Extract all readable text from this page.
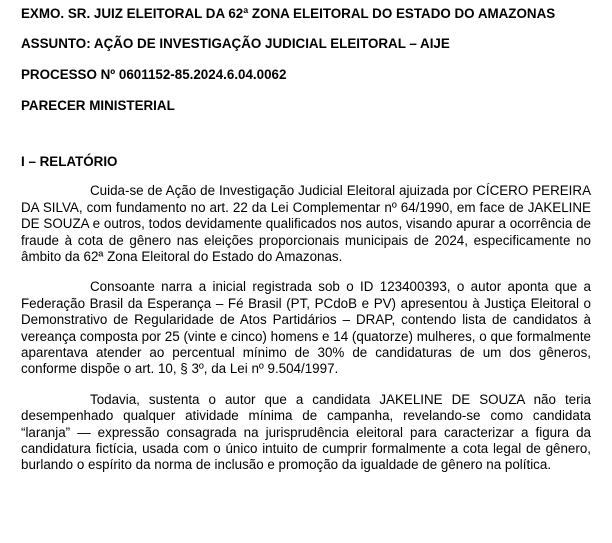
EXMO. SR. JUIZ ELEITORAL DA 62ª ZONA ELEITORAL DO ESTADO DO AMAZONAS

ASSUNTO: AÇÃO DE INVESTIGAÇÃO JUDICIAL ELEITORAL – AIJE

PROCESSO Nº 0601152-85.2024.6.04.0062

PARECER MINISTERIAL

I – RELATÓRIO

Cuida-se de Ação de Investigação Judicial Eleitoral ajuizada por CÍCERO PEREIRA DA SILVA, com fundamento no art. 22 da Lei Complementar nº 64/1990, em face de JAKELINE DE SOUZA e outros, todos devidamente qualificados nos autos, visando apurar a ocorrência de fraude à cota de gênero nas eleições proporcionais municipais de 2024, especificamente no âmbito da 62ª Zona Eleitoral do Estado do Amazonas.

Consoante narra a inicial registrada sob o ID 123400393, o autor aponta que a Federação Brasil da Esperança – Fé Brasil (PT, PCdoB e PV) apresentou à Justiça Eleitoral o Demonstrativo de Regularidade de Atos Partidários – DRAP, contendo lista de candidatos à vereança composta por 25 (vinte e cinco) homens e 14 (quatorze) mulheres, o que formalmente aparentava atender ao percentual mínimo de 30% de candidaturas de um dos gêneros, conforme dispõe o art. 10, § 3º, da Lei nº 9.504/1997.

Todavia, sustenta o autor que a candidata JAKELINE DE SOUZA não teria desempenhado qualquer atividade mínima de campanha, revelando-se como candidata “laranja” — expressão consagrada na jurisprudência eleitoral para caracterizar a figura da candidatura fictícia, usada com o único intuito de cumprir formalmente a cota legal de gênero, burlando o espírito da norma de inclusão e promoção da igualdade de gênero na política.
